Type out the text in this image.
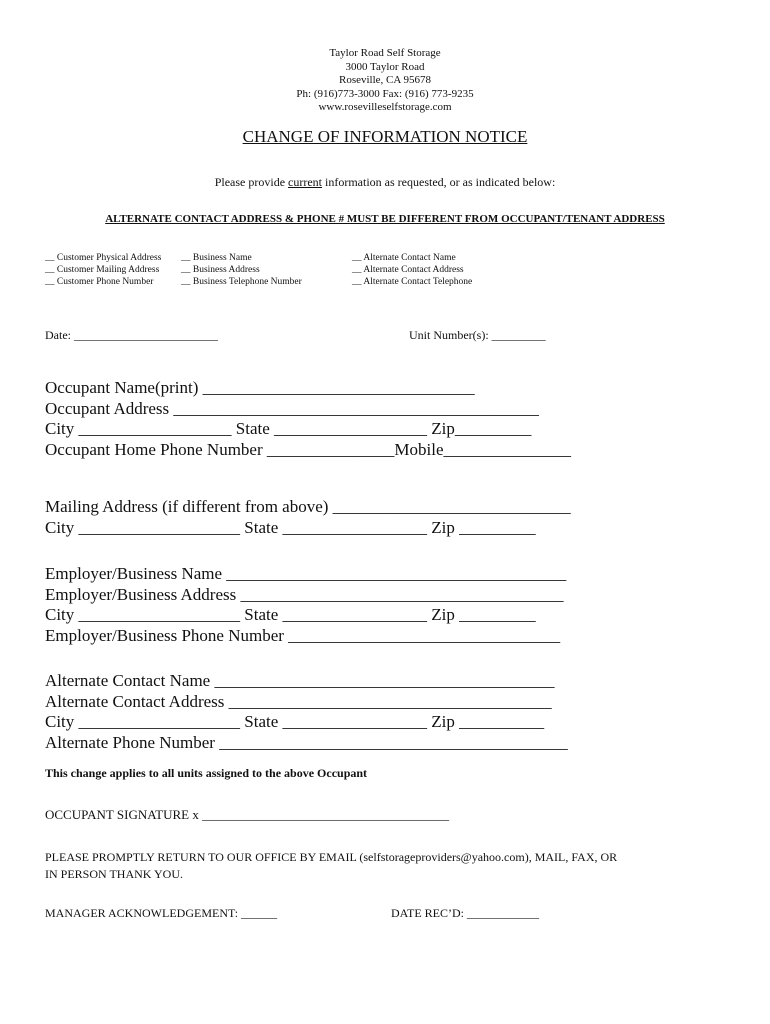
Taylor Road Self Storage
3000 Taylor Road
Roseville, CA 95678
Ph: (916)773-3000 Fax: (916) 773-9235
www.rosevilleselfstorage.com
CHANGE OF INFORMATION NOTICE
Please provide current information as requested, or as indicated below:
ALTERNATE CONTACT ADDRESS & PHONE # MUST BE DIFFERENT FROM OCCUPANT/TENANT ADDRESS
__ Customer Physical Address
__ Customer Mailing Address
__ Customer Phone Number
__ Business Name
__ Business Address
__ Business Telephone Number
__ Alternate Contact Name
__ Alternate Contact Address
__ Alternate Contact Telephone
Date: ________________________	Unit Number(s): _________
Occupant Name(print) ________________________________
Occupant Address ___________________________________________
City __________________ State __________________ Zip_________
Occupant Home Phone Number _______________Mobile_______________
Mailing Address (if different from above) ____________________________
City ___________________ State _________________ Zip _________
Employer/Business Name ________________________________________
Employer/Business Address ______________________________________
City ___________________ State _________________ Zip _________
Employer/Business Phone Number ________________________________
Alternate Contact Name ________________________________________
Alternate Contact Address ______________________________________
City ___________________ State _________________ Zip __________
Alternate Phone Number _________________________________________
This change applies to all units assigned to the above Occupant
OCCUPANT SIGNATURE x ______________________________________
PLEASE PROMPTLY RETURN TO OUR OFFICE BY EMAIL (selfstorageproviders@yahoo.com), MAIL, FAX, OR
IN PERSON THANK YOU.
MANAGER ACKNOWLEDGEMENT: ______	DATE REC’D: ____________
